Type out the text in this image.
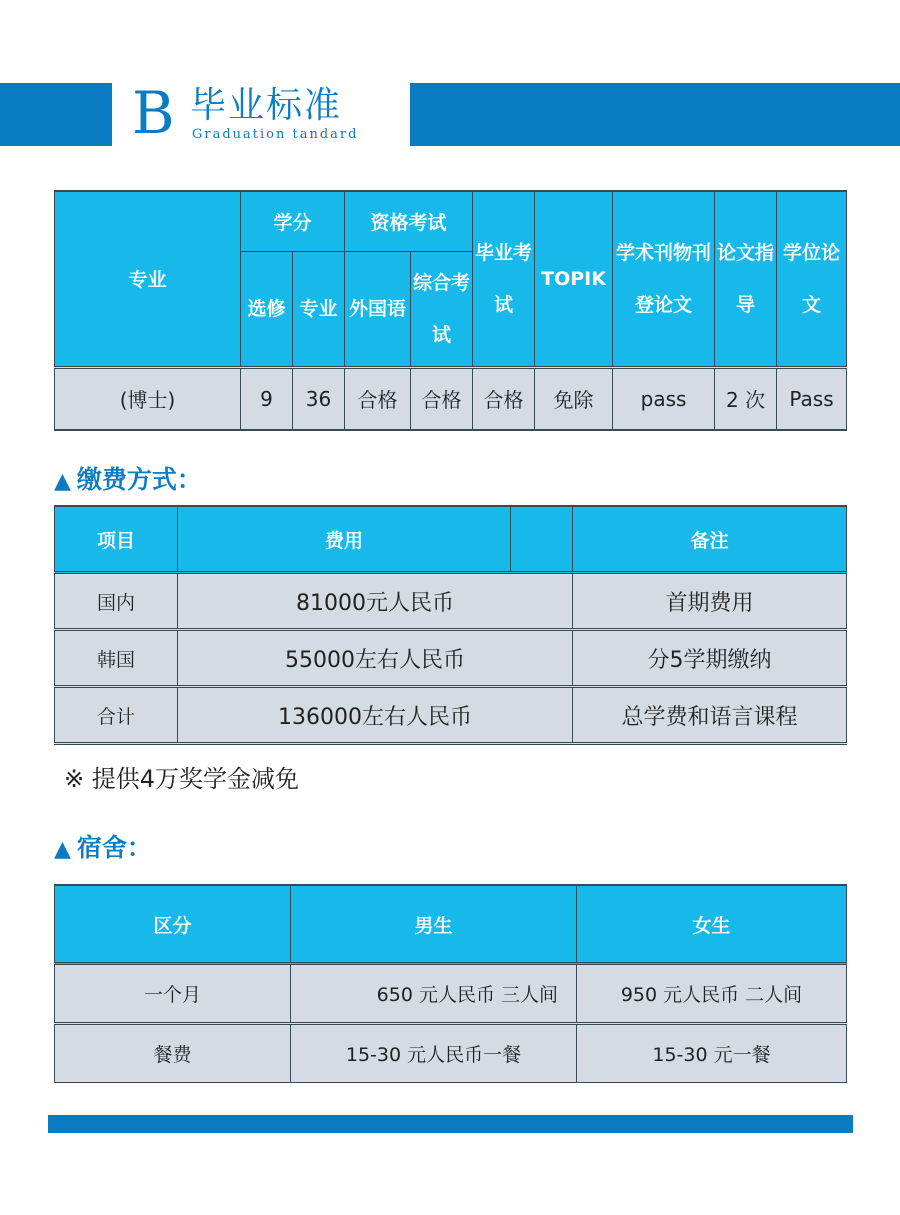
B 毕业标准
Graduation tandard
专业	学分		资格考试		毕业考试	TOPIK	学术刊物刊登论文	论文指导	学位论文
	选修	专业	外国语	综合考试					
(博士)	9	36	合格	合格	合格	免除	pass	2 次	Pass
▲ 缴费方式：
项目	费用		备注
国内	81000元人民币		首期费用
韩国	55000左右人民币		分5学期缴纳
合计	136000左右人民币		总学费和语言课程
※ 提供4万奖学金减免
▲ 宿舍：
区分	男生	女生
一个月	650 元人民币 三人间	950 元人民币 二人间
餐费	15-30 元人民币一餐	15-30 元一餐
